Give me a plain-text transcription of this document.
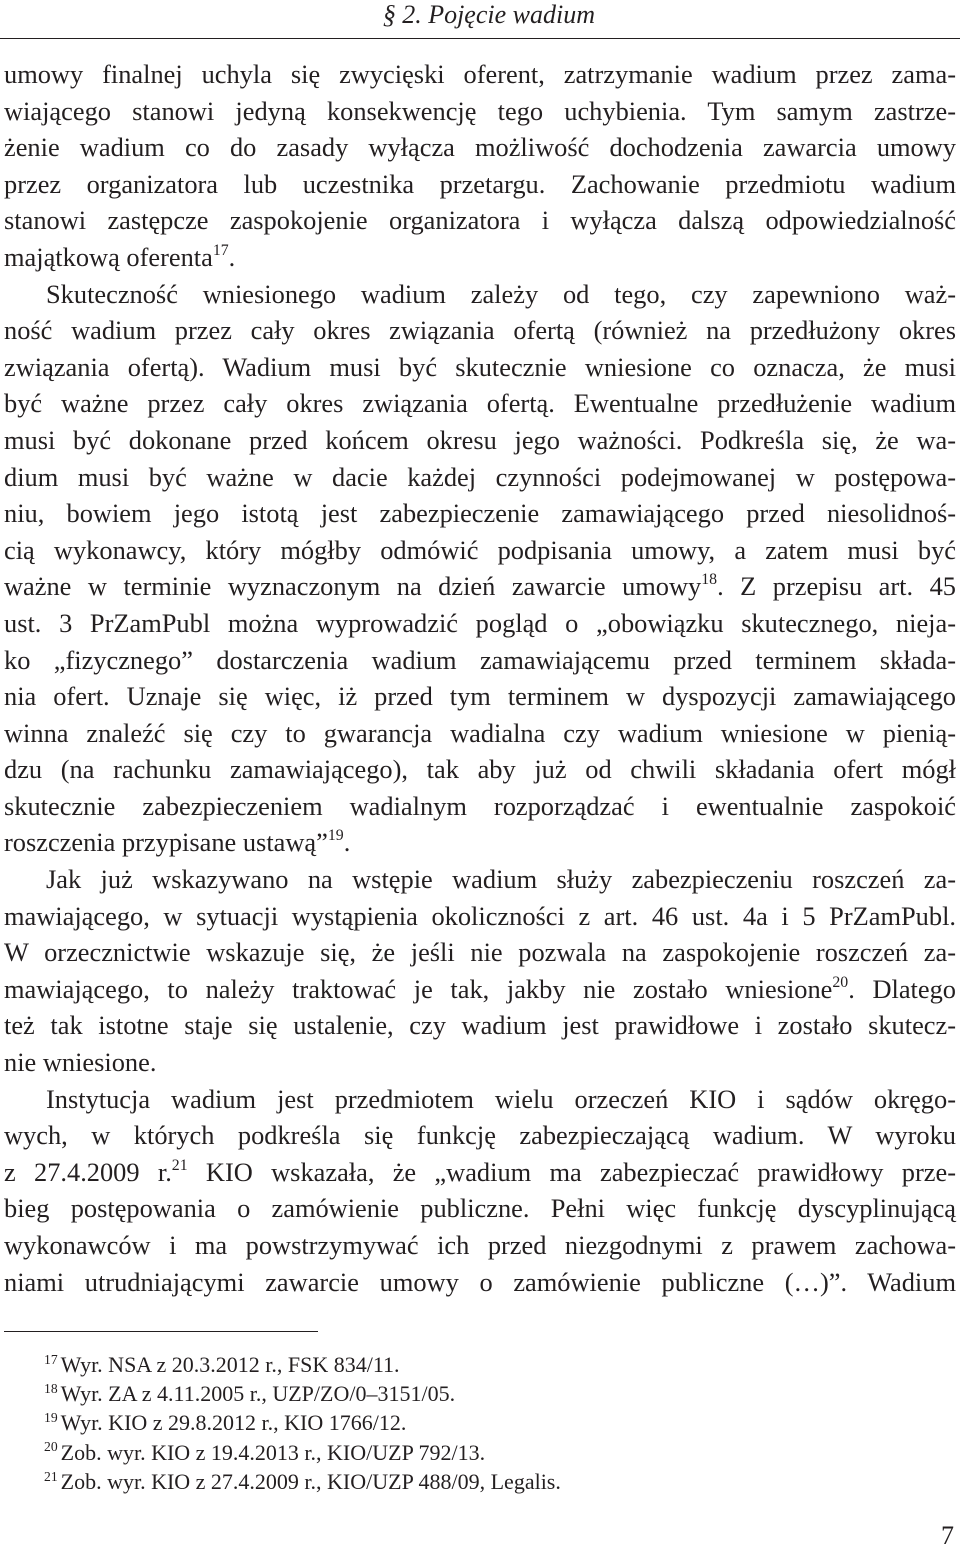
§ 2. Pojęcie wadium

umowy finalnej uchyla się zwycięski oferent, zatrzymanie wadium przez zama-
wiającego stanowi jedyną konsekwencję tego uchybienia. Tym samym zastrze-
żenie wadium co do zasady wyłącza możliwość dochodzenia zawarcia umowy
przez organizatora lub uczestnika przetargu. Zachowanie przedmiotu wadium
stanowi zastępcze zaspokojenie organizatora i wyłącza dalszą odpowiedzialność
majątkową oferenta$^{17}$.

Skuteczność wniesionego wadium zależy od tego, czy zapewniono waż-
ność wadium przez cały okres związania ofertą (również na przedłużony okres
związania ofertą). Wadium musi być skutecznie wniesione co oznacza, że musi
być ważne przez cały okres związania ofertą. Ewentualne przedłużenie wadium
musi być dokonane przed końcem okresu jego ważności. Podkreśla się, że wa-
dium musi być ważne w dacie każdej czynności podejmowanej w postępowa-
niu, bowiem jego istotą jest zabezpieczenie zamawiającego przed niesolidnoś-
cią wykonawcy, który mógłby odmówić podpisania umowy, a zatem musi być
ważne w terminie wyznaczonym na dzień zawarcie umowy$^{18}$. Z przepisu art. 45
ust. 3 PrZamPubl można wyprowadzić pogląd o „obowiązku skutecznego, nieja-
ko „fizycznego” dostarczenia wadium zamawiającemu przed terminem składa-
nia ofert. Uznaje się więc, iż przed tym terminem w dyspozycji zamawiającego
winna znaleźć się czy to gwarancja wadialna czy wadium wniesione w pienią-
dzu (na rachunku zamawiającego), tak aby już od chwili składania ofert mógł
skutecznie zabezpieczeniem wadialnym rozporządzać i ewentualnie zaspokoić
roszczenia przypisane ustawą”$^{19}$.

Jak już wskazywano na wstępie wadium służy zabezpieczeniu roszczeń za-
mawiającego, w sytuacji wystąpienia okoliczności z art. 46 ust. 4a i 5 PrZamPubl.
W orzecznictwie wskazuje się, że jeśli nie pozwala na zaspokojenie roszczeń za-
mawiającego, to należy traktować je tak, jakby nie zostało wniesione$^{20}$. Dlatego
też tak istotne staje się ustalenie, czy wadium jest prawidłowe i zostało skutecz-
nie wniesione.

Instytucja wadium jest przedmiotem wielu orzeczeń KIO i sądów okręgo-
wych, w których podkreśla się funkcję zabezpieczającą wadium. W wyroku
z 27.4.2009 r.$^{21}$ KIO wskazała, że „wadium ma zabezpieczać prawidłowy prze-
bieg postępowania o zamówienie publiczne. Pełni więc funkcję dyscyplinującą
wykonawców i ma powstrzymywać ich przed niezgodnymi z prawem zachowa-
niami utrudniającymi zawarcie umowy o zamówienie publiczne (…)”. Wadium

$^{17}$ Wyr. NSA z 20.3.2012 r., FSK 834/11.
$^{18}$ Wyr. ZA z 4.11.2005 r., UZP/ZO/0–3151/05.
$^{19}$ Wyr. KIO z 29.8.2012 r., KIO 1766/12.
$^{20}$ Zob. wyr. KIO z 19.4.2013 r., KIO/UZP 792/13.
$^{21}$ Zob. wyr. KIO z 27.4.2009 r., KIO/UZP 488/09, Legalis.
7
